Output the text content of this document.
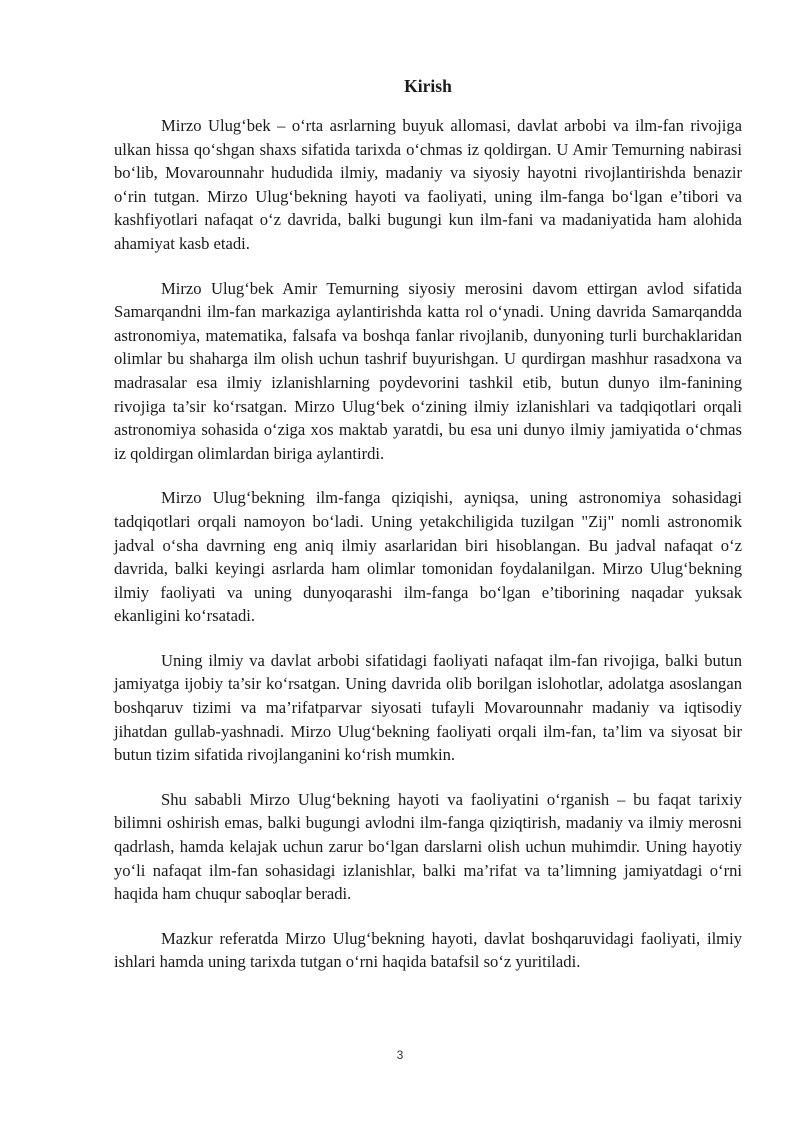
Kirish

Mirzo Ulug‘bek – o‘rta asrlarning buyuk allomasi, davlat arbobi va ilm-fan rivojiga ulkan hissa qo‘shgan shaxs sifatida tarixda o‘chmas iz qoldirgan. U Amir Temurning nabirasi bo‘lib, Movarounnahr hududida ilmiy, madaniy va siyosiy hayotni rivojlantirishda benazir o‘rin tutgan. Mirzo Ulug‘bekning hayoti va faoliyati, uning ilm-fanga bo‘lgan e’tibori va kashfiyotlari nafaqat o‘z davrida, balki bugungi kun ilm-fani va madaniyatida ham alohida ahamiyat kasb etadi.

Mirzo Ulug‘bek Amir Temurning siyosiy merosini davom ettirgan avlod sifatida Samarqandni ilm-fan markaziga aylantirishda katta rol o‘ynadi. Uning davrida Samarqandda astronomiya, matematika, falsafa va boshqa fanlar rivojlanib, dunyoning turli burchaklaridan olimlar bu shaharga ilm olish uchun tashrif buyurishgan. U qurdirgan mashhur rasadxona va madrasalar esa ilmiy izlanishlarning poydevorini tashkil etib, butun dunyo ilm-fanining rivojiga ta’sir ko‘rsatgan. Mirzo Ulug‘bek o‘zining ilmiy izlanishlari va tadqiqotlari orqali astronomiya sohasida o‘ziga xos maktab yaratdi, bu esa uni dunyo ilmiy jamiyatida o‘chmas iz qoldirgan olimlardan biriga aylantirdi.

Mirzo Ulug‘bekning ilm-fanga qiziqishi, ayniqsa, uning astronomiya sohasidagi tadqiqotlari orqali namoyon bo‘ladi. Uning yetakchiligida tuzilgan "Zij" nomli astronomik jadval o‘sha davrning eng aniq ilmiy asarlaridan biri hisoblangan. Bu jadval nafaqat o‘z davrida, balki keyingi asrlarda ham olimlar tomonidan foydalanilgan. Mirzo Ulug‘bekning ilmiy faoliyati va uning dunyoqarashi ilm-fanga bo‘lgan e’tiborining naqadar yuksak ekanligini ko‘rsatadi.

Uning ilmiy va davlat arbobi sifatidagi faoliyati nafaqat ilm-fan rivojiga, balki butun jamiyatga ijobiy ta’sir ko‘rsatgan. Uning davrida olib borilgan islohotlar, adolatga asoslangan boshqaruv tizimi va ma’rifatparvar siyosati tufayli Movarounnahr madaniy va iqtisodiy jihatdan gullab-yashnadi. Mirzo Ulug‘bekning faoliyati orqali ilm-fan, ta’lim va siyosat bir butun tizim sifatida rivojlanganini ko‘rish mumkin.

Shu sababli Mirzo Ulug‘bekning hayoti va faoliyatini o‘rganish – bu faqat tarixiy bilimni oshirish emas, balki bugungi avlodni ilm-fanga qiziqtirish, madaniy va ilmiy merosni qadrlash, hamda kelajak uchun zarur bo‘lgan darslarni olish uchun muhimdir. Uning hayotiy yo‘li nafaqat ilm-fan sohasidagi izlanishlar, balki ma’rifat va ta’limning jamiyatdagi o‘rni haqida ham chuqur saboqlar beradi.

Mazkur referatda Mirzo Ulug‘bekning hayoti, davlat boshqaruvidagi faoliyati, ilmiy ishlari hamda uning tarixda tutgan o‘rni haqida batafsil so‘z yuritiladi.

3
